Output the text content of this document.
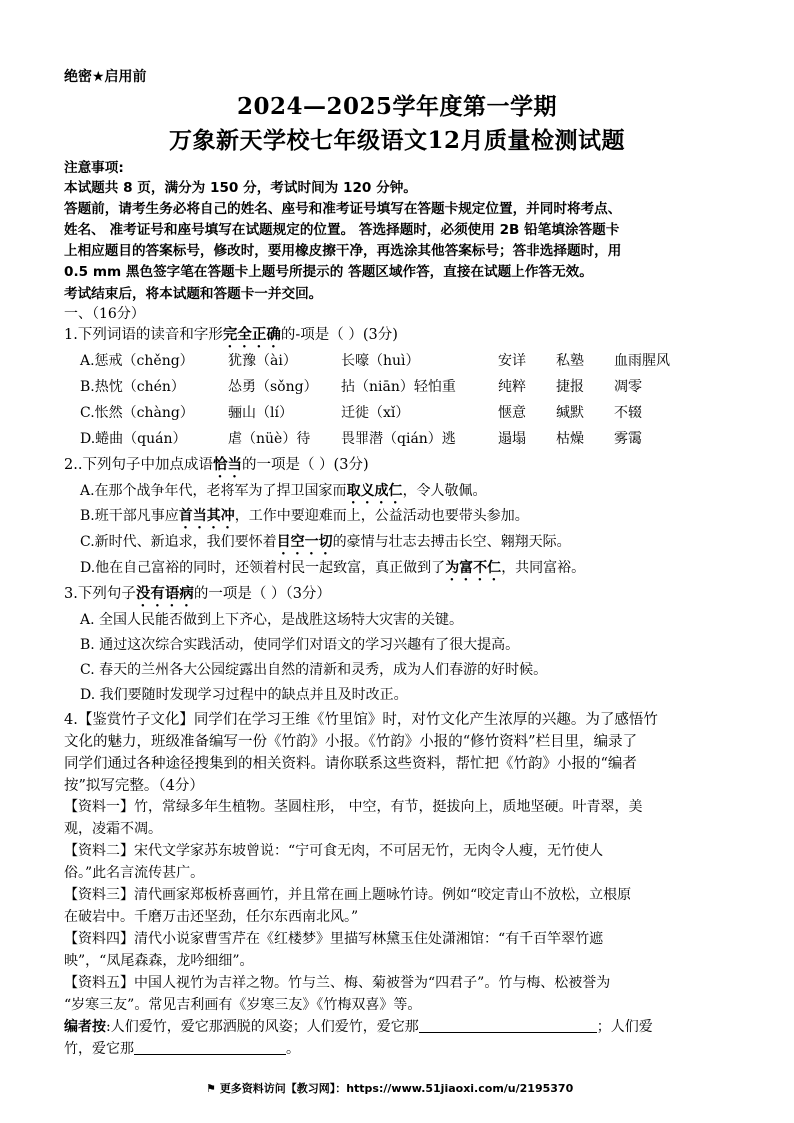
绝密★启用前
2024—2025学年度第一学期
万象新天学校七年级语文12月质量检测试题
注意事项:
本试题共 8 页，满分为 150 分，考试时间为 120 分钟。
答题前，请考生务必将自己的姓名、座号和准考证号填写在答题卡规定位置，并同时将考点、
姓名、 准考证号和座号填写在试题规定的位置。 答选择题时，必须使用 2B 铅笔填涂答题卡
上相应题目的答案标号，修改时，要用橡皮擦干净，再选涂其他答案标号；答非选择题时，用
0.5 mm 黑色签字笔在答题卡上题号所提示的 答题区域作答，直接在试题上作答无效。
考试结束后，将本试题和答题卡一并交回。
一、（16分）
1.下列词语的读音和字形完全正确的-项是（ ）(3分)
A.惩戒（chěng） 犹豫（ài）	长嚎（huì）	安详 私塾 血雨腥风
B.热忱（chén）	怂勇（sǒng） 拈（niān）轻怕重	纯粹 捷报 凋零
C.怅然（chàng） 骊山（lí）	迁徙（xǐ）	惬意 缄默 不辍
D.蜷曲（quán）	虐（nüè）待 畏罪潜（qián）逃	遢塌 枯燥 雾霭
2..下列句子中加点成语恰当的一项是（ ）(3分)
A.在那个战争年代，老将军为了捍卫国家而取义成仁，令人敬佩。
B.班干部凡事应首当其冲，工作中要迎难而上，公益活动也要带头参加。
C.新时代、新追求，我们要怀着目空一切的豪情与壮志去搏击长空、翱翔天际。
D.他在自己富裕的同时，还领着村民一起致富，真正做到了为富不仁，共同富裕。
3.下列句子没有语病的一项是（ ）（3分）
A. 全国人民能否做到上下齐心，是战胜这场特大灾害的关键。
B. 通过这次综合实践活动，使同学们对语文的学习兴趣有了很大提高。
C. 春天的兰州各大公园绽露出自然的清新和灵秀，成为人们春游的好时候。
D. 我们要随时发现学习过程中的缺点并且及时改正。
4.【鉴赏竹子文化】同学们在学习王维《竹里馆》时，对竹文化产生浓厚的兴趣。为了感悟竹
文化的魅力，班级准备编写一份《竹韵》小报。《竹韵》小报的“修竹资料”栏目里，编录了
同学们通过各种途径搜集到的相关资料。请你联系这些资料，帮忙把《竹韵》小报的“编者
按”拟写完整。（4分）
【资料一】竹，常绿多年生植物。茎圆柱形， 中空，有节，挺拔向上，质地坚硬。叶青翠，美
观，凌霜不凋。
【资料二】宋代文学家苏东坡曾说：“宁可食无肉，不可居无竹，无肉令人瘦，无竹使人
俗。”此名言流传甚广。
【资料三】清代画家郑板桥喜画竹，并且常在画上题咏竹诗。例如“咬定青山不放松，立根原
在破岩中。千磨万击还坚劲，任尔东西南北风。”
【资料四】清代小说家曹雪芹在《红楼梦》里描写林黛玉住处潇湘馆：“有千百竿翠竹遮
映”，“凤尾森森，龙吟细细”。
【资料五】中国人视竹为吉祥之物。竹与兰、梅、菊被誉为“四君子”。竹与梅、松被誉为
“岁寒三友”。常见吉利画有《岁寒三友》《竹梅双喜》等。
编者按:人们爱竹，爱它那洒脱的风姿；人们爱竹，爱它那	；人们爱
竹，爱它那	。
⚑ 更多资料访问【教习网】：https://www.51jiaoxi.com/u/2195370
